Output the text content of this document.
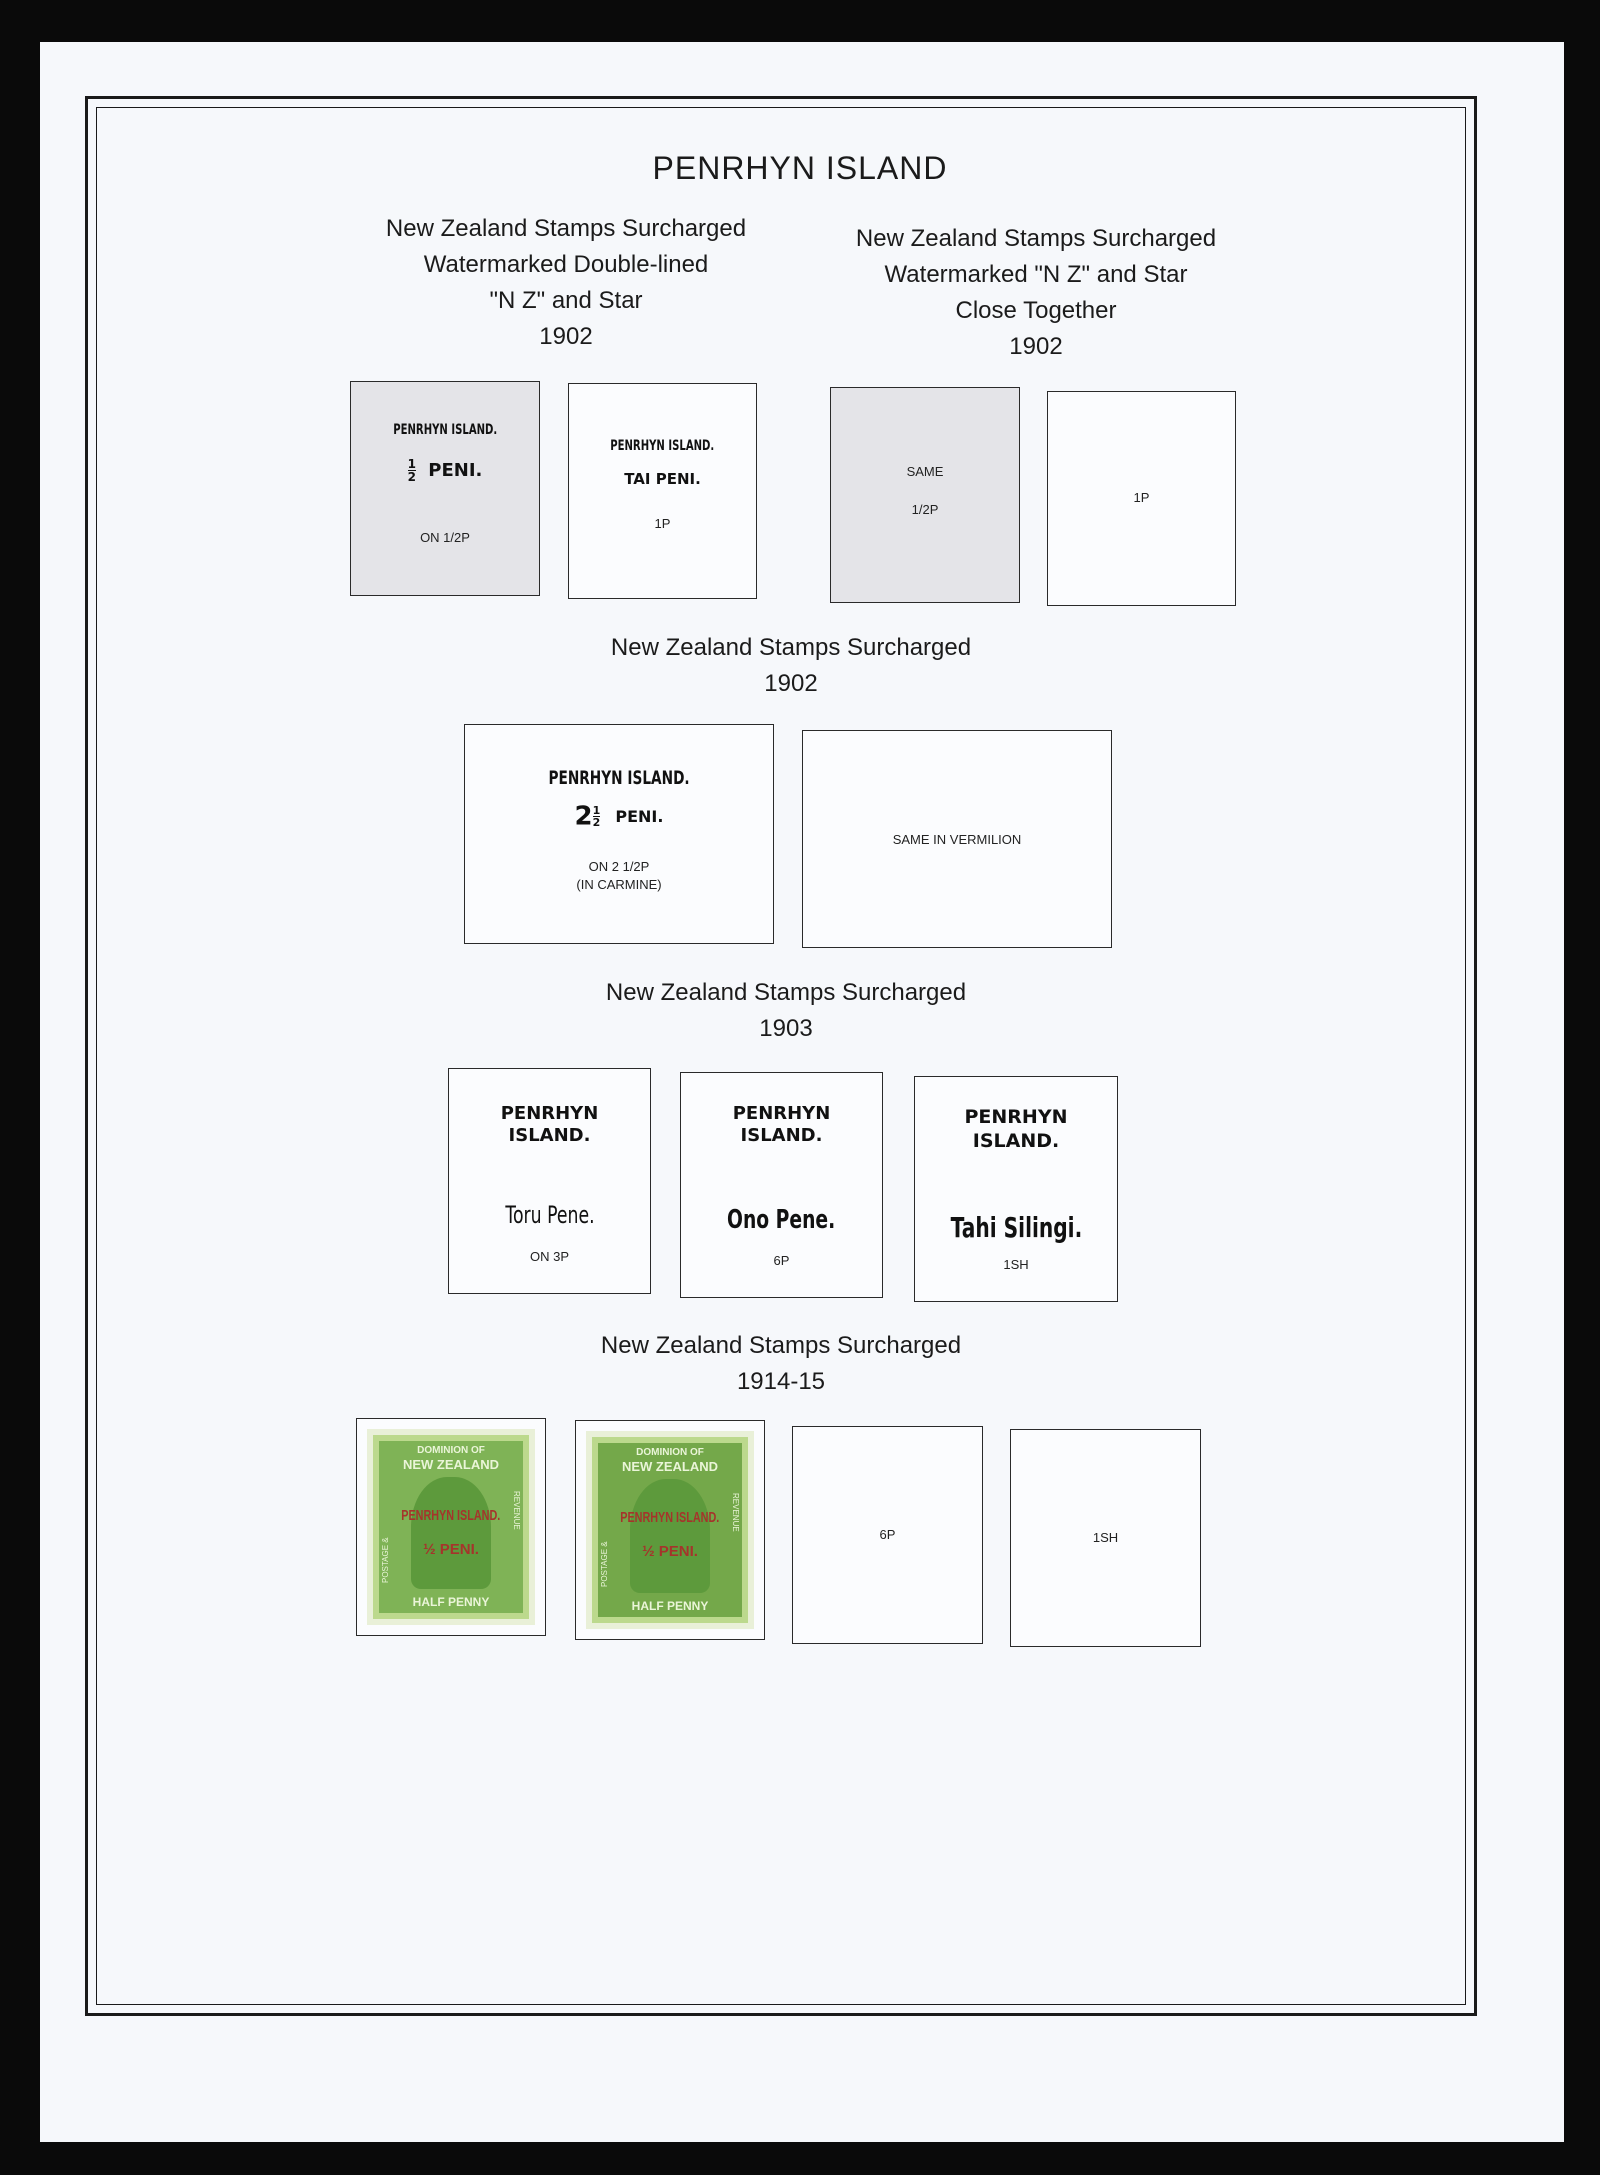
PENRHYN ISLAND
New Zealand Stamps Surcharged
Watermarked Double-lined
"N Z" and Star
1902
New Zealand Stamps Surcharged
Watermarked "N Z" and Star
Close Together
1902
PENRHYN ISLAND.
$\frac{1}{2}$ PENI.
ON 1/2P
PENRHYN ISLAND.
TAI PENI.
1P
SAME
1/2P
1P
New Zealand Stamps Surcharged
1902
PENRHYN ISLAND.
$2 \frac{1}{2}$ PENI.
ON 2 1/2P
(IN CARMINE)
SAME IN VERMILION
New Zealand Stamps Surcharged
1903
PENRHYN
ISLAND.
Toru Pene.
ON 3P
PENRHYN
ISLAND.
Ono Pene.
6P
PENRHYN
ISLAND.
Tahi Silingi.
1SH
New Zealand Stamps Surcharged
1914-15
DOMINION OF
NEW ZEALAND
POSTAGE &
REVENUE
PENRHYN ISLAND.
½ PENI.
HALF PENNY
DOMINION OF
NEW ZEALAND
POSTAGE &
REVENUE
PENRHYN ISLAND.
½ PENI.
HALF PENNY
6P	1SH
